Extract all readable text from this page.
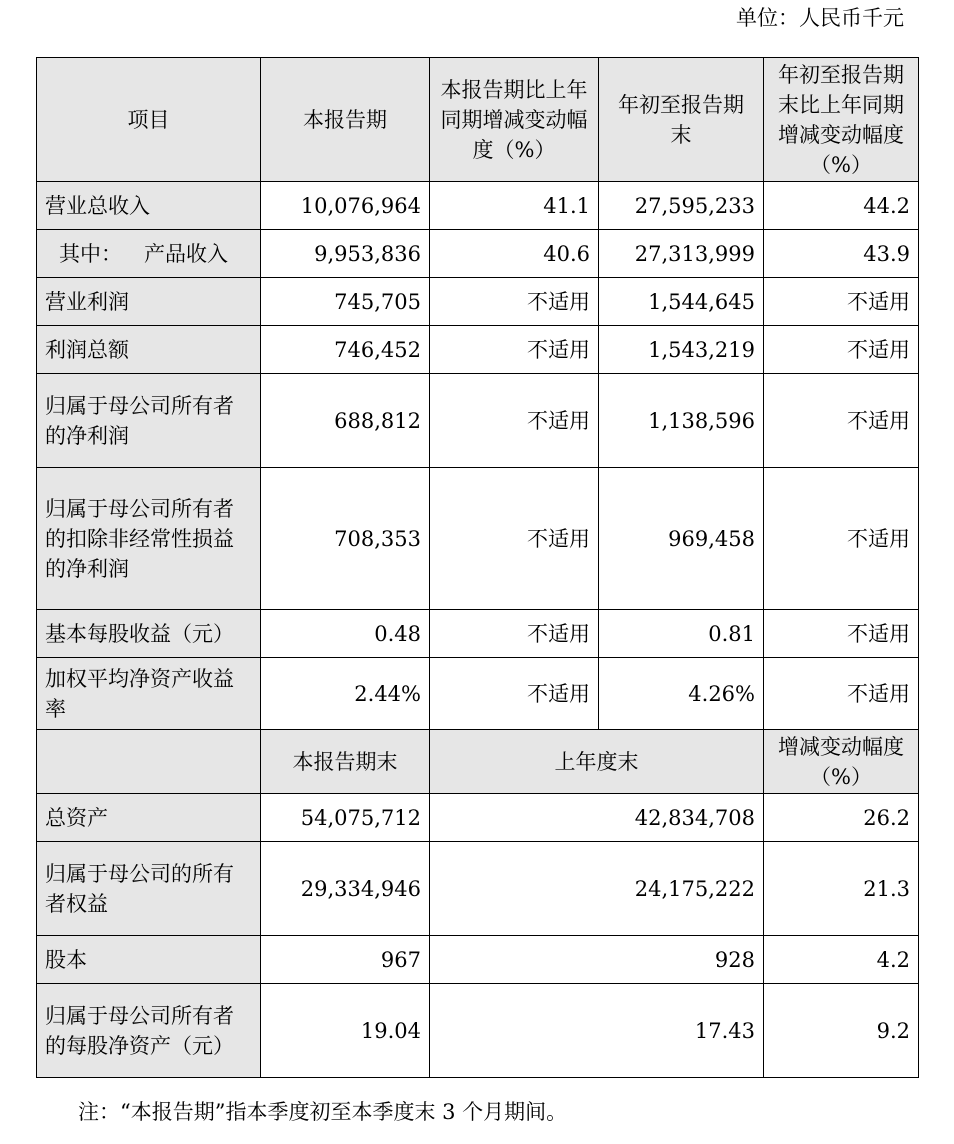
单位：人民币千元
项目	本报告期	本报告期比上年同期增减变动幅度（%）	年初至报告期末	年初至报告期末比上年同期增减变动幅度（%）
营业总收入	10,076,964	41.1	27,595,233	44.2
其中： 产品收入	9,953,836	40.6	27,313,999	43.9
营业利润	745,705	不适用	1,544,645	不适用
利润总额	746,452	不适用	1,543,219	不适用
归属于母公司所有者的净利润	688,812	不适用	1,138,596	不适用
归属于母公司所有者的扣除非经常性损益的净利润	708,353	不适用	969,458	不适用
基本每股收益（元）	0.48	不适用	0.81	不适用
加权平均净资产收益率	2.44%	不适用	4.26%	不适用
	本报告期末	上年度末		增减变动幅度（%）
总资产	54,075,712	42,834,708		26.2
归属于母公司的所有者权益	29,334,946	24,175,222		21.3
股本	967	928		4.2
归属于母公司所有者的每股净资产（元）	19.04	17.43		9.2
注：“本报告期”指本季度初至本季度末 3 个月期间。
